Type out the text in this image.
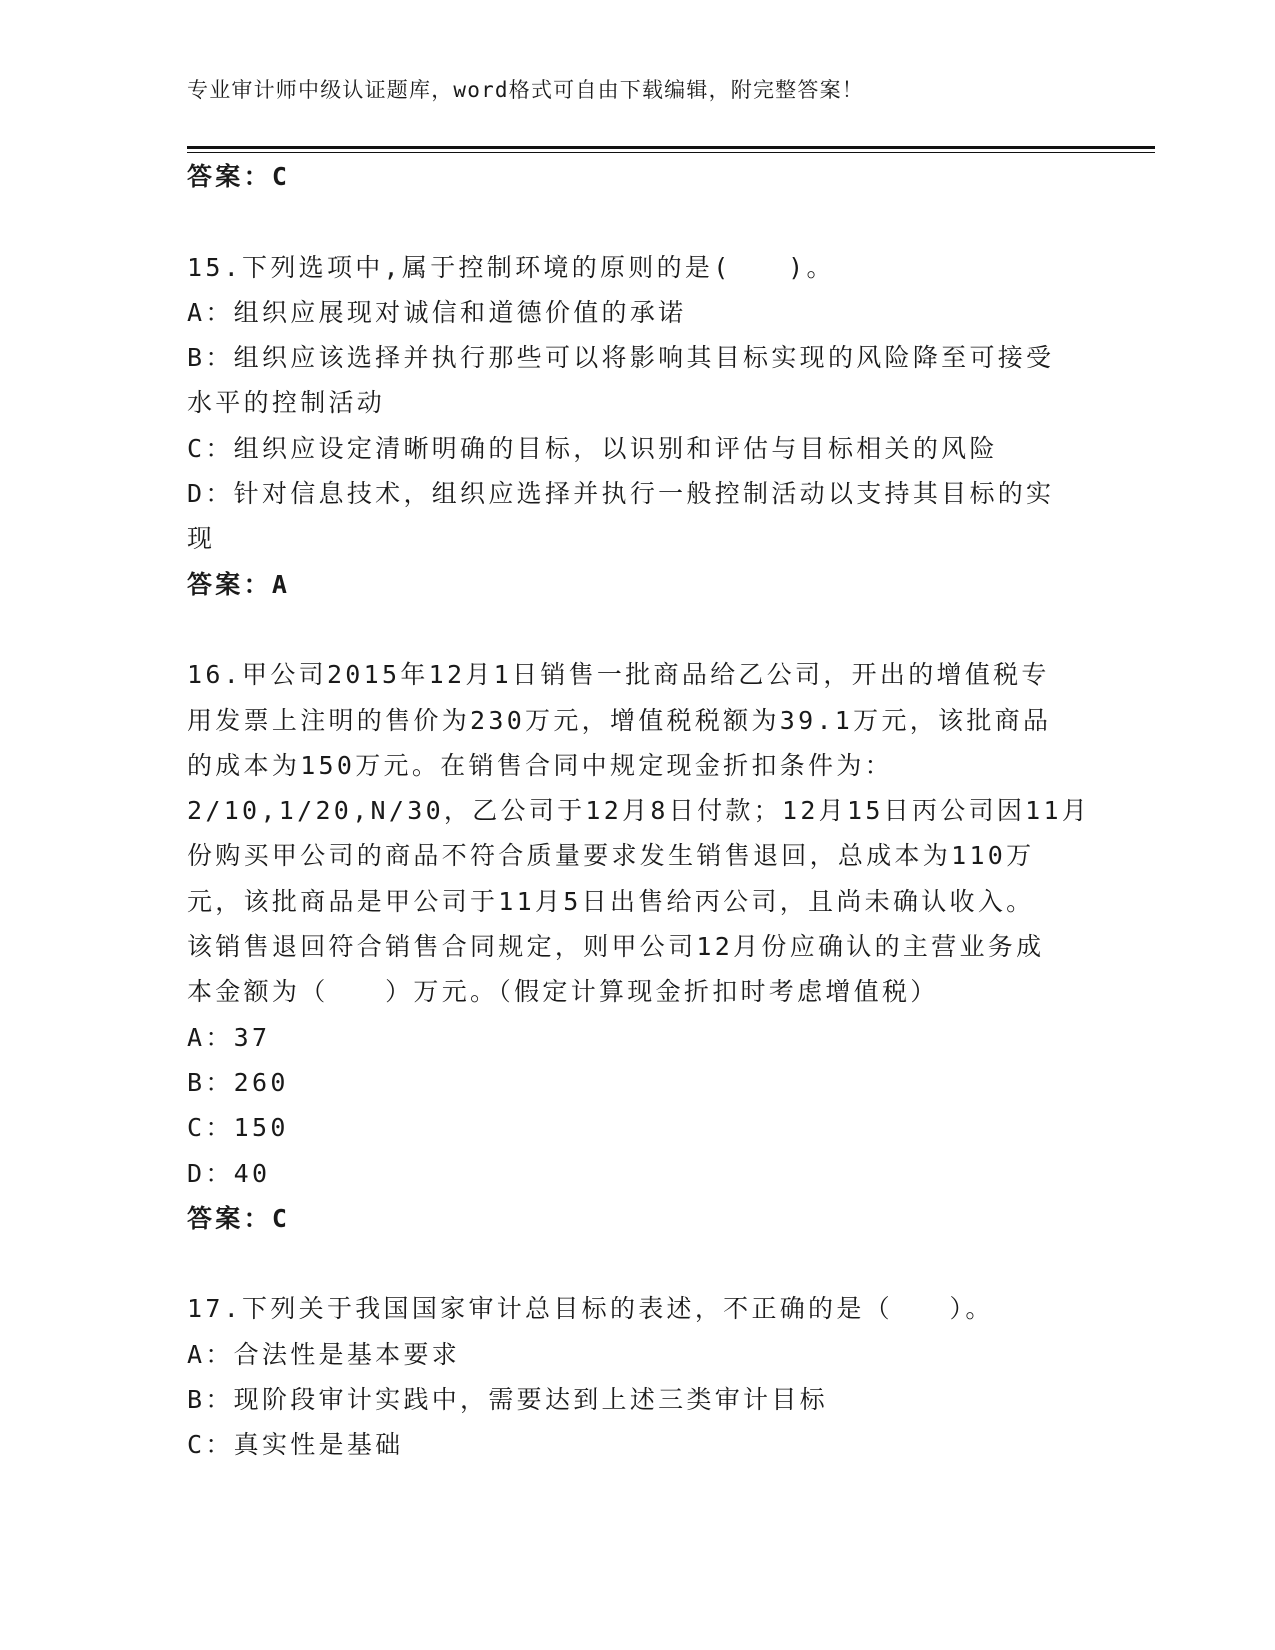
专业审计师中级认证题库，word格式可自由下载编辑，附完整答案！
答案：C
15.下列选项中,属于控制环境的原则的是(　　)。
A：组织应展现对诚信和道德价值的承诺
B：组织应该选择并执行那些可以将影响其目标实现的风险降至可接受
水平的控制活动
C：组织应设定清晰明确的目标，以识别和评估与目标相关的风险
D：针对信息技术，组织应选择并执行一般控制活动以支持其目标的实
现
答案：A
16.甲公司2015年12月1日销售一批商品给乙公司，开出的增值税专
用发票上注明的售价为230万元，增值税税额为39.1万元，该批商品
的成本为150万元。在销售合同中规定现金折扣条件为：
2/10,1/20,N/30，乙公司于12月8日付款；12月15日丙公司因11月
份购买甲公司的商品不符合质量要求发生销售退回，总成本为110万
元，该批商品是甲公司于11月5日出售给丙公司，且尚未确认收入。
该销售退回符合销售合同规定，则甲公司12月份应确认的主营业务成
本金额为（　　）万元。（假定计算现金折扣时考虑增值税）
A：37
B：260
C：150
D：40
答案：C
17.下列关于我国国家审计总目标的表述，不正确的是（　　）。
A：合法性是基本要求
B：现阶段审计实践中，需要达到上述三类审计目标
C：真实性是基础
